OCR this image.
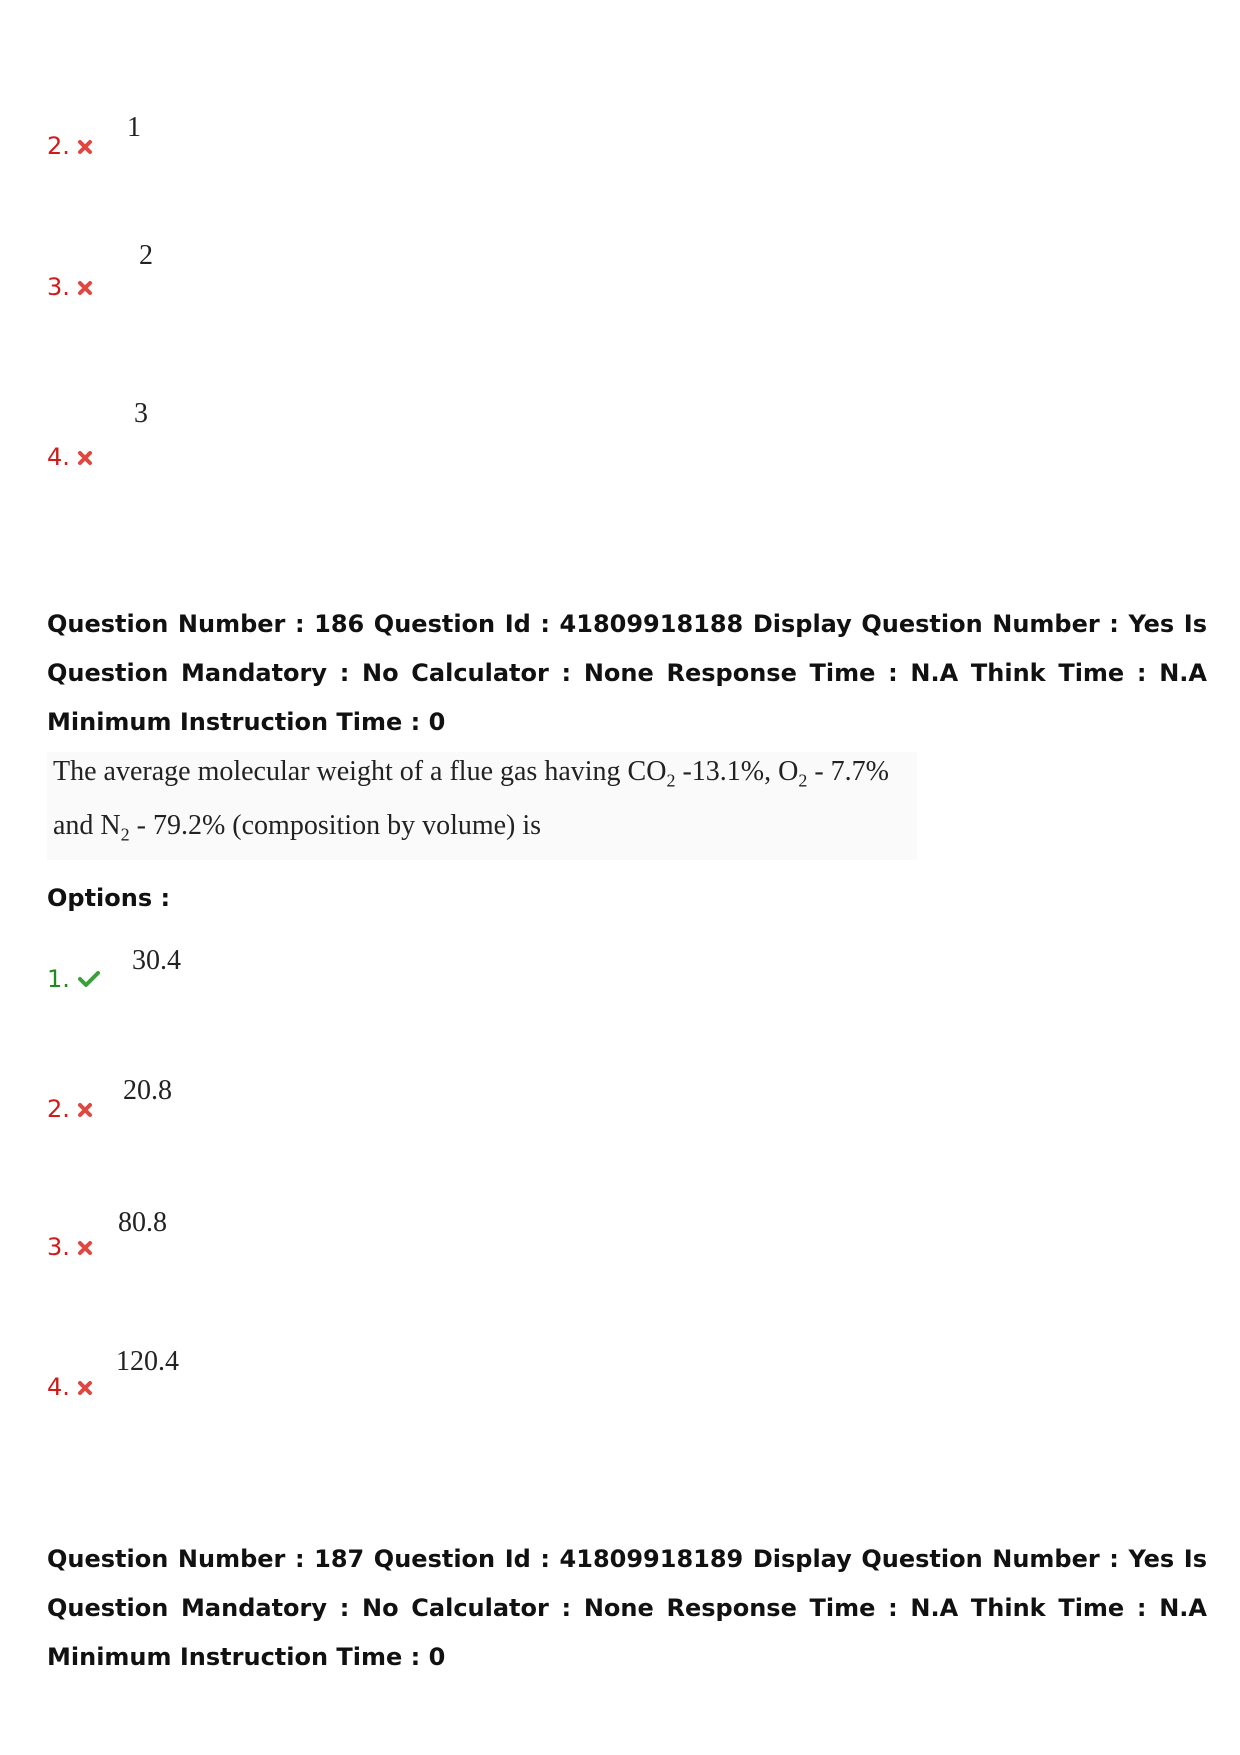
2.
1
3.
2
4.
3
Question Number : 186 Question Id : 41809918188 Display Question Number : Yes Is Question Mandatory : No Calculator : None Response Time : N.A Think Time : N.A Minimum Instruction Time : 0
The average molecular weight of a flue gas having $CO_2$ -13.1%, $O_2 - 7.7\%$
and $N_2 - 79.2\%$ (composition by volume) is
Options :
1.
30.4
2.
20.8
3.
80.8
4.
120.4
Question Number : 187 Question Id : 41809918189 Display Question Number : Yes Is Question Mandatory : No Calculator : None Response Time : N.A Think Time : N.A Minimum Instruction Time : 0
